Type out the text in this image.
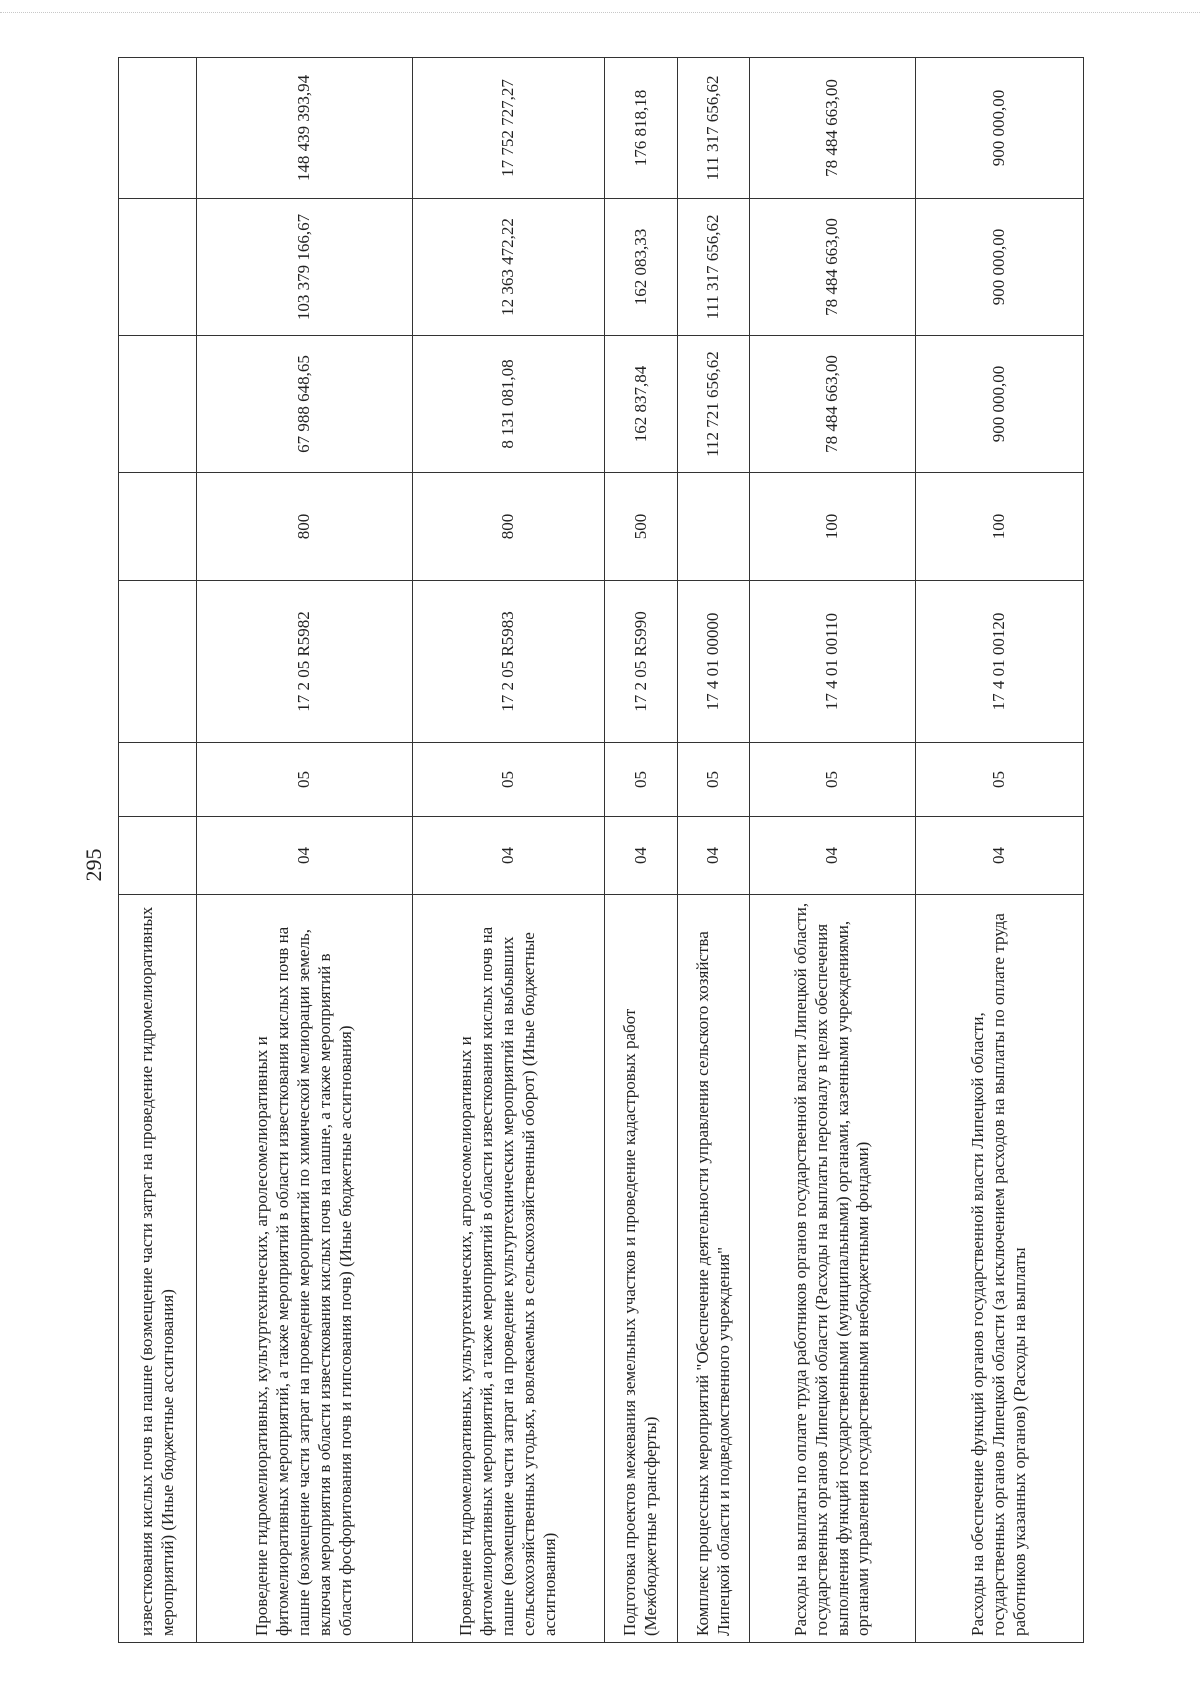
295
известкования кислых почв на пашне (возмещение части затрат на проведение гидромелиоративных мероприятий) (Иные бюджетные ассигнования)							
Проведение гидромелиоративных, культуртехнических, агролесомелиоративных и фитомелиоративных мероприятий, а также мероприятий в области известкования кислых почв на пашне (возмещение части затрат на проведение мероприятий по химической мелиорации земель, включая мероприятия в области известкования кислых почв на пашне, а также мероприятий в области фосфоритования почв и гипсования почв) (Иные бюджетные ассигнования)	04	05	17 2 05 R5982	800	67 988 648,65	103 379 166,67	148 439 393,94
Проведение гидромелиоративных, культуртехнических, агролесомелиоративных и фитомелиоративных мероприятий, а также мероприятий в области известкования кислых почв на пашне (возмещение части затрат на проведение культуртехнических мероприятий на выбывших сельскохозяйственных угодьях, вовлекаемых в сельскохозяйственный оборот) (Иные бюджетные ассигнования)	04	05	17 2 05 R5983	800	8 131 081,08	12 363 472,22	17 752 727,27
Подготовка проектов межевания земельных участков и проведение кадастровых работ (Межбюджетные трансферты)	04	05	17 2 05 R5990	500	162 837,84	162 083,33	176 818,18
Комплекс процессных мероприятий "Обеспечение деятельности управления сельского хозяйства Липецкой области и подведомственного учреждения"	04	05	17 4 01 00000		112 721 656,62	111 317 656,62	111 317 656,62
Расходы на выплаты по оплате труда работников органов государственной власти Липецкой области, государственных органов Липецкой области (Расходы на выплаты персоналу в целях обеспечения выполнения функций государственными (муниципальными) органами, казенными учреждениями, органами управления государственными внебюджетными фондами)	04	05	17 4 01 00110	100	78 484 663,00	78 484 663,00	78 484 663,00
Расходы на обеспечение функций органов государственной власти Липецкой области, государственных органов Липецкой области (за исключением расходов на выплаты по оплате труда работников указанных органов) (Расходы на выплаты	04	05	17 4 01 00120	100	900 000,00	900 000,00	900 000,00
